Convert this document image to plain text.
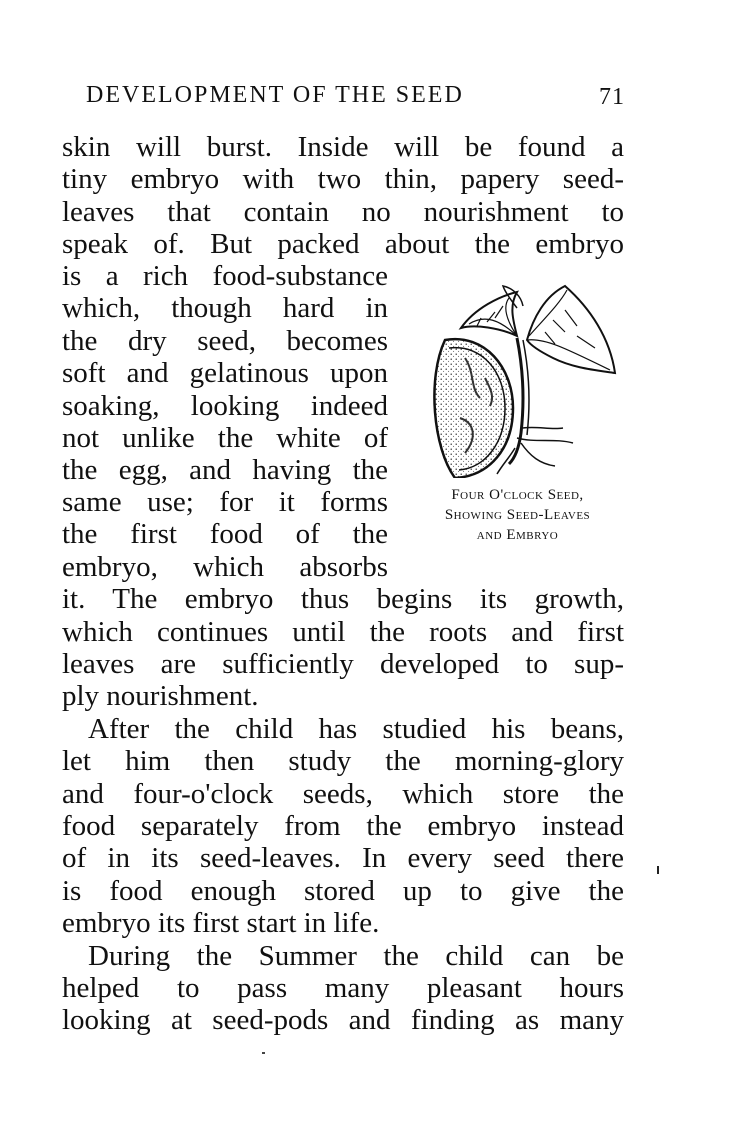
DEVELOPMENT OF THE SEED	71
skin will burst. Inside will be found a
tiny embryo with two thin, papery seed-
leaves that contain no nourishment to
speak of. But packed about the embryo
is a rich food-substance
which, though hard in
the dry seed, becomes
soft and gelatinous upon
soaking, looking indeed
not unlike the white of
the egg, and having the
same use; for it forms
the first food of the
embryo, which absorbs
it. The embryo thus begins its growth,
which continues until the roots and first
leaves are sufficiently developed to sup-
ply nourishment.
After the child has studied his beans,
let him then study the morning-glory
and four-o'clock seeds, which store the
food separately from the embryo instead
of in its seed-leaves. In every seed there
is food enough stored up to give the
embryo its first start in life.
During the Summer the child can be
helped to pass many pleasant hours
looking at seed-pods and finding as many
Four O'clock Seed,
Showing Seed-Leaves
and Embryo
